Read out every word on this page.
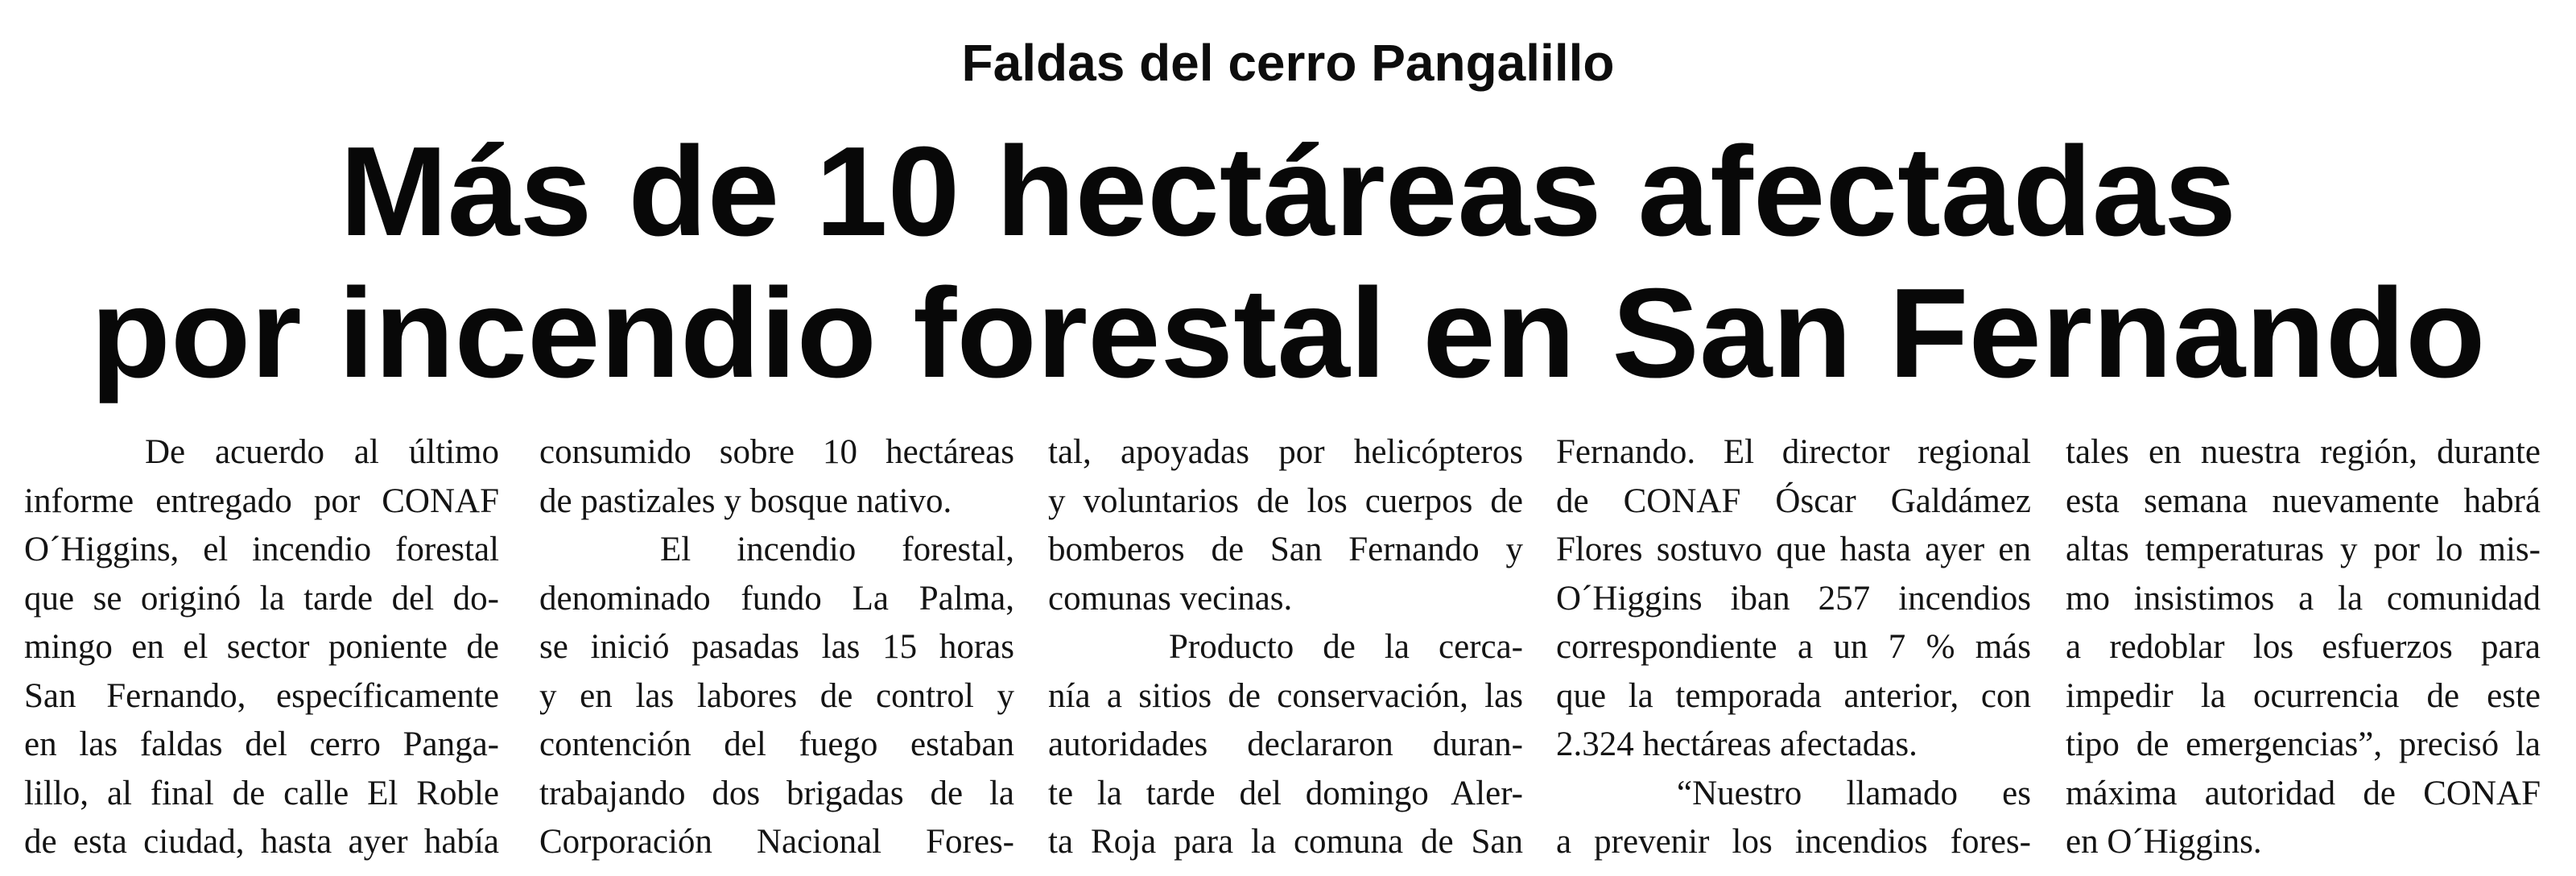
Faldas del cerro Pangalillo
Más de 10 hectáreas afectadas
por incendio forestal en San Fernando
De acuerdo al último
informe entregado por CONAF
O´Higgins, el incendio forestal
que se originó la tarde del do-
mingo en el sector poniente de
San Fernando, específicamente
en las faldas del cerro Panga-
lillo, al final de calle El Roble
de esta ciudad, hasta ayer había
consumido sobre 10 hectáreas
de pastizales y bosque nativo.
El incendio forestal,
denominado fundo La Palma,
se inició pasadas las 15 horas
y en las labores de control y
contención del fuego estaban
trabajando dos brigadas de la
Corporación Nacional Fores-
tal, apoyadas por helicópteros
y voluntarios de los cuerpos de
bomberos de San Fernando y
comunas vecinas.
Producto de la cerca-
nía a sitios de conservación, las
autoridades declararon duran-
te la tarde del domingo Aler-
ta Roja para la comuna de San
Fernando. El director regional
de CONAF Óscar Galdámez
Flores sostuvo que hasta ayer en
O´Higgins iban 257 incendios
correspondiente a un 7 % más
que la temporada anterior, con
2.324 hectáreas afectadas.
“Nuestro llamado es
a prevenir los incendios fores-
tales en nuestra región, durante
esta semana nuevamente habrá
altas temperaturas y por lo mis-
mo insistimos a la comunidad
a redoblar los esfuerzos para
impedir la ocurrencia de este
tipo de emergencias”, precisó la
máxima autoridad de CONAF
en O´Higgins.
